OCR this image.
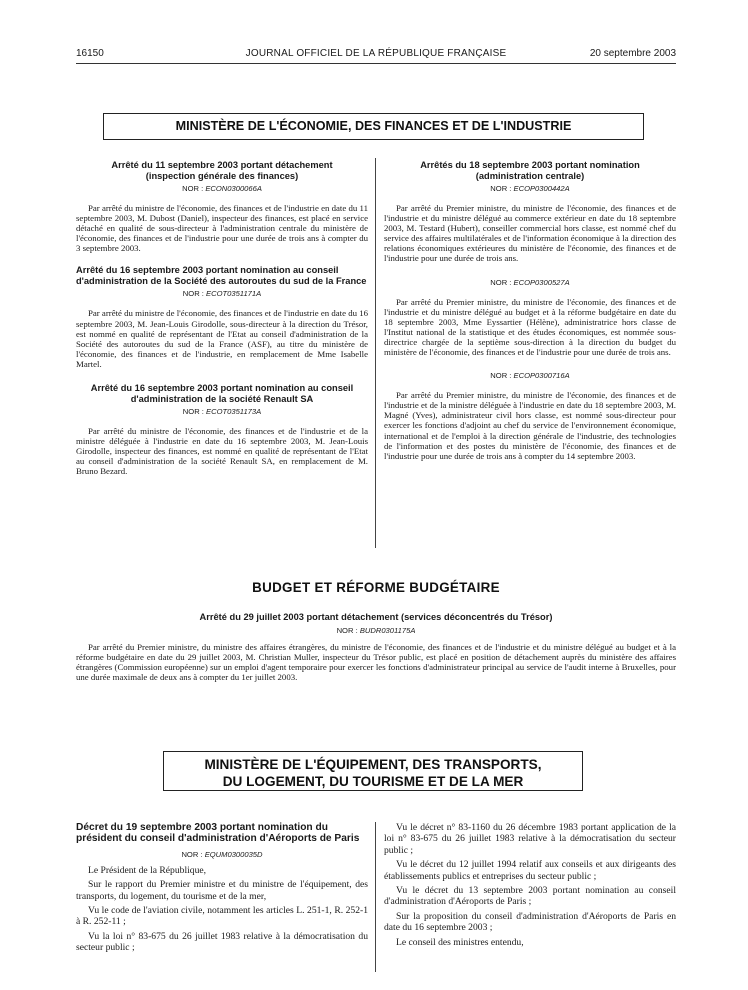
16150	JOURNAL OFFICIEL DE LA RÉPUBLIQUE FRANÇAISE	20 septembre 2003
MINISTÈRE DE L'ÉCONOMIE, DES FINANCES ET DE L'INDUSTRIE
Arrêté du 11 septembre 2003 portant détachement (inspection générale des finances)
NOR : ECON0300066A

Par arrêté du ministre de l'économie, des finances et de l'industrie en date du 11 septembre 2003, M. Dubost (Daniel), inspecteur des finances, est placé en service détaché en qualité de sous-directeur à l'administration centrale du ministère de l'économie, des finances et de l'industrie pour une durée de trois ans à compter du 3 septembre 2003.

Arrêté du 16 septembre 2003 portant nomination au conseil d'administration de la Société des autoroutes du sud de la France
NOR : ECOT0351171A

Par arrêté du ministre de l'économie, des finances et de l'industrie en date du 16 septembre 2003, M. Jean-Louis Girodolle, sous-directeur à la direction du Trésor, est nommé en qualité de représentant de l'Etat au conseil d'administration de la Société des autoroutes du sud de la France (ASF), au titre du ministère de l'économie, des finances et de l'industrie, en remplacement de Mme Isabelle Martel.

Arrêté du 16 septembre 2003 portant nomination au conseil d'administration de la société Renault SA
NOR : ECOT0351173A

Par arrêté du ministre de l'économie, des finances et de l'industrie et de la ministre déléguée à l'industrie en date du 16 septembre 2003, M. Jean-Louis Girodolle, inspecteur des finances, est nommé en qualité de représentant de l'Etat au conseil d'administration de la société Renault SA, en remplacement de M. Bruno Bezard.

Arrêtés du 18 septembre 2003 portant nomination (administration centrale)
NOR : ECOP0300442A

Par arrêté du Premier ministre, du ministre de l'économie, des finances et de l'industrie et du ministre délégué au commerce extérieur en date du 18 septembre 2003, M. Testard (Hubert), conseiller commercial hors classe, est nommé chef du service des affaires multilatérales et de l'information économique à la direction des relations économiques extérieures du ministère de l'économie, des finances et de l'industrie pour une durée de trois ans.

NOR : ECOP0300527A

Par arrêté du Premier ministre, du ministre de l'économie, des finances et de l'industrie et du ministre délégué au budget et à la réforme budgétaire en date du 18 septembre 2003, Mme Eyssartier (Hélène), administratrice hors classe de l'Institut national de la statistique et des études économiques, est nommée sous-directrice chargée de la septième sous-direction à la direction du budget du ministère de l'économie, des finances et de l'industrie pour une durée de trois ans.

NOR : ECOP0300716A

Par arrêté du Premier ministre, du ministre de l'économie, des finances et de l'industrie et de la ministre déléguée à l'industrie en date du 18 septembre 2003, M. Magné (Yves), administrateur civil hors classe, est nommé sous-directeur pour exercer les fonctions d'adjoint au chef du service de l'environnement économique, international et de l'emploi à la direction générale de l'industrie, des technologies de l'information et des postes du ministère de l'économie, des finances et de l'industrie pour une durée de trois ans à compter du 14 septembre 2003.

BUDGET ET RÉFORME BUDGÉTAIRE
Arrêté du 29 juillet 2003 portant détachement (services déconcentrés du Trésor)
NOR : BUDR0301175A

Par arrêté du Premier ministre, du ministre des affaires étrangères, du ministre de l'économie, des finances et de l'industrie et du ministre délégué au budget et à la réforme budgétaire en date du 29 juillet 2003, M. Christian Muller, inspecteur du Trésor public, est placé en position de détachement auprès du ministère des affaires étrangères (Commission européenne) sur un emploi d'agent temporaire pour exercer les fonctions d'administrateur principal au service de l'audit interne à Bruxelles, pour une durée maximale de deux ans à compter du 1er juillet 2003.

MINISTÈRE DE L'ÉQUIPEMENT, DES TRANSPORTS,
DU LOGEMENT, DU TOURISME ET DE LA MER
Décret du 19 septembre 2003 portant nomination du président du conseil d'administration d'Aéroports de Paris
NOR : EQUM0300035D

Le Président de la République,

Sur le rapport du Premier ministre et du ministre de l'équipement, des transports, du logement, du tourisme et de la mer,

Vu le code de l'aviation civile, notamment les articles L. 251-1, R. 252-1 à R. 252-11 ;

Vu la loi n° 83-675 du 26 juillet 1983 relative à la démocratisation du secteur public ;

Vu le décret n° 83-1160 du 26 décembre 1983 portant application de la loi n° 83-675 du 26 juillet 1983 relative à la démocratisation du secteur public ;

Vu le décret du 12 juillet 1994 relatif aux conseils et aux dirigeants des établissements publics et entreprises du secteur public ;

Vu le décret du 13 septembre 2003 portant nomination au conseil d'administration d'Aéroports de Paris ;

Sur la proposition du conseil d'administration d'Aéroports de Paris en date du 16 septembre 2003 ;

Le conseil des ministres entendu,
